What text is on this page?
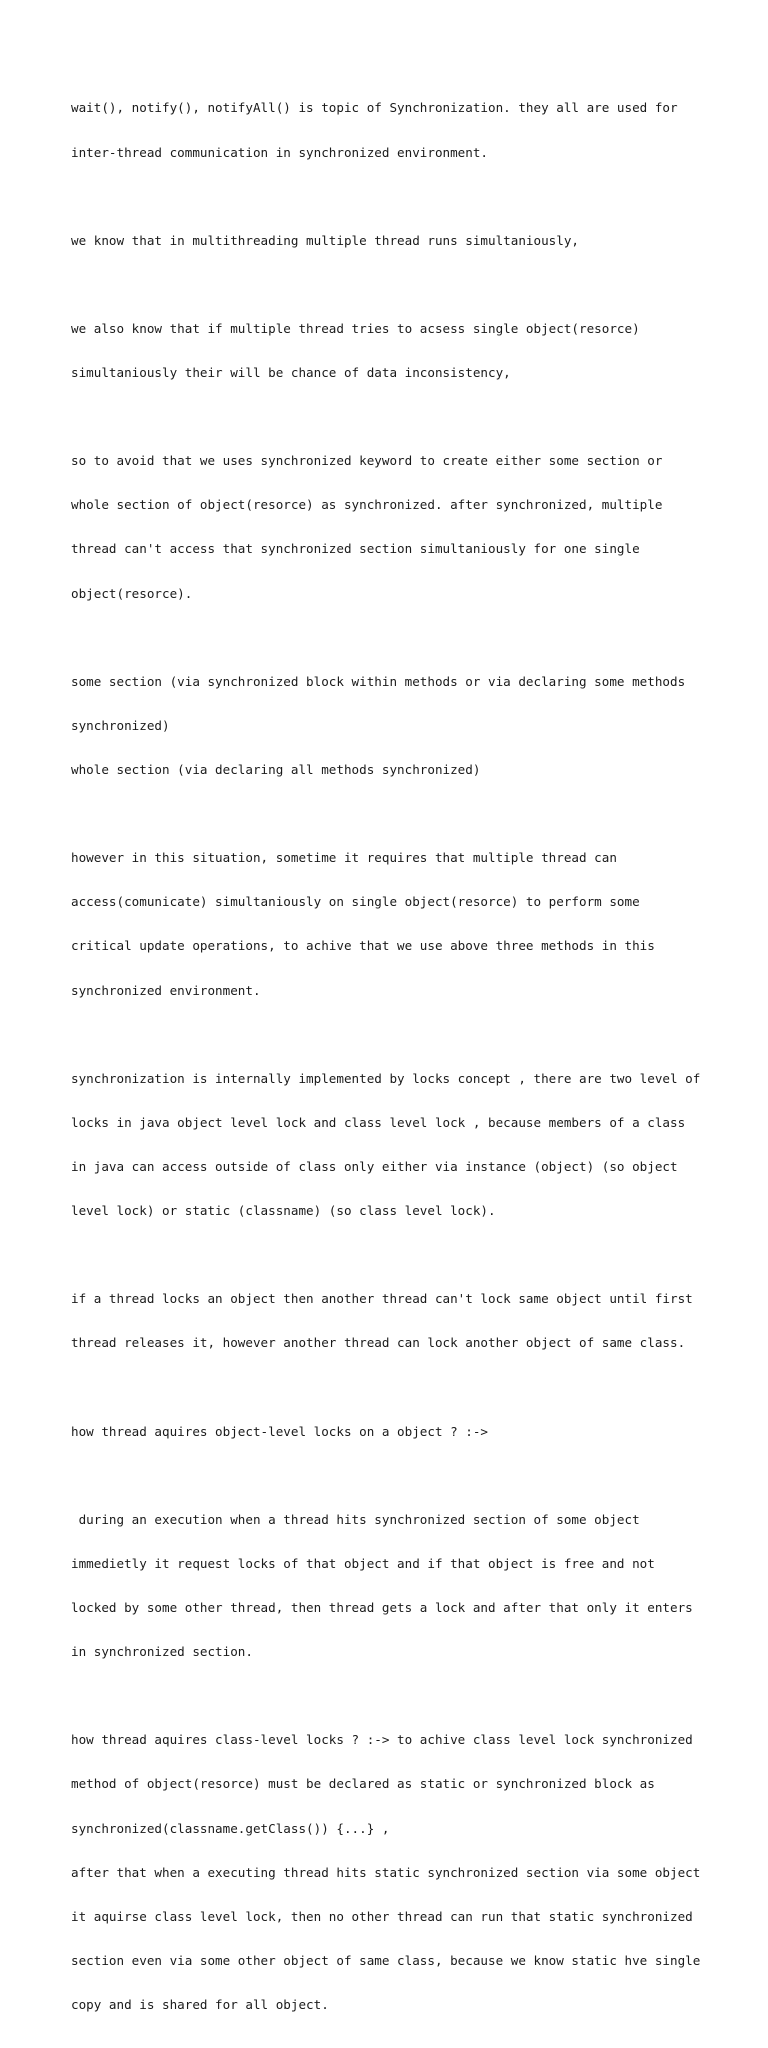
wait(), notify(), notifyAll() is topic of Synchronization. they all are used for

inter-thread communication in synchronized environment.

we know that in multithreading multiple thread runs simultaniously,

we also know that if multiple thread tries to acsess single object(resorce)

simultaniously their will be chance of data inconsistency,

so to avoid that we uses synchronized keyword to create either some section or

whole section of object(resorce) as synchronized. after synchronized, multiple

thread can't access that synchronized section simultaniously for one single

object(resorce).

some section (via synchronized block within methods or via declaring some methods

synchronized)

whole section (via declaring all methods synchronized)

however in this situation, sometime it requires that multiple thread can

access(comunicate) simultaniously on single object(resorce) to perform some

critical update operations, to achive that we use above three methods in this

synchronized environment.

synchronization is internally implemented by locks concept , there are two level of

locks in java object level lock and class level lock , because members of a class

in java can access outside of class only either via instance (object) (so object

level lock) or static (classname) (so class level lock).

if a thread locks an object then another thread can't lock same object until first

thread releases it, however another thread can lock another object of same class.

how thread aquires object-level locks on a object ? :->

during an execution when a thread hits synchronized section of some object

immedietly it request locks of that object and if that object is free and not

locked by some other thread, then thread gets a lock and after that only it enters

in synchronized section.

how thread aquires class-level locks ? :-> to achive class level lock synchronized

method of object(resorce) must be declared as static or synchronized block as

synchronized(classname.getClass()) {...} ,

after that when a executing thread hits static synchronized section via some object

it aquirse class level lock, then no other thread can run that static synchronized

section even via some other object of same class, because we know static hve single

copy and is shared for all object.
